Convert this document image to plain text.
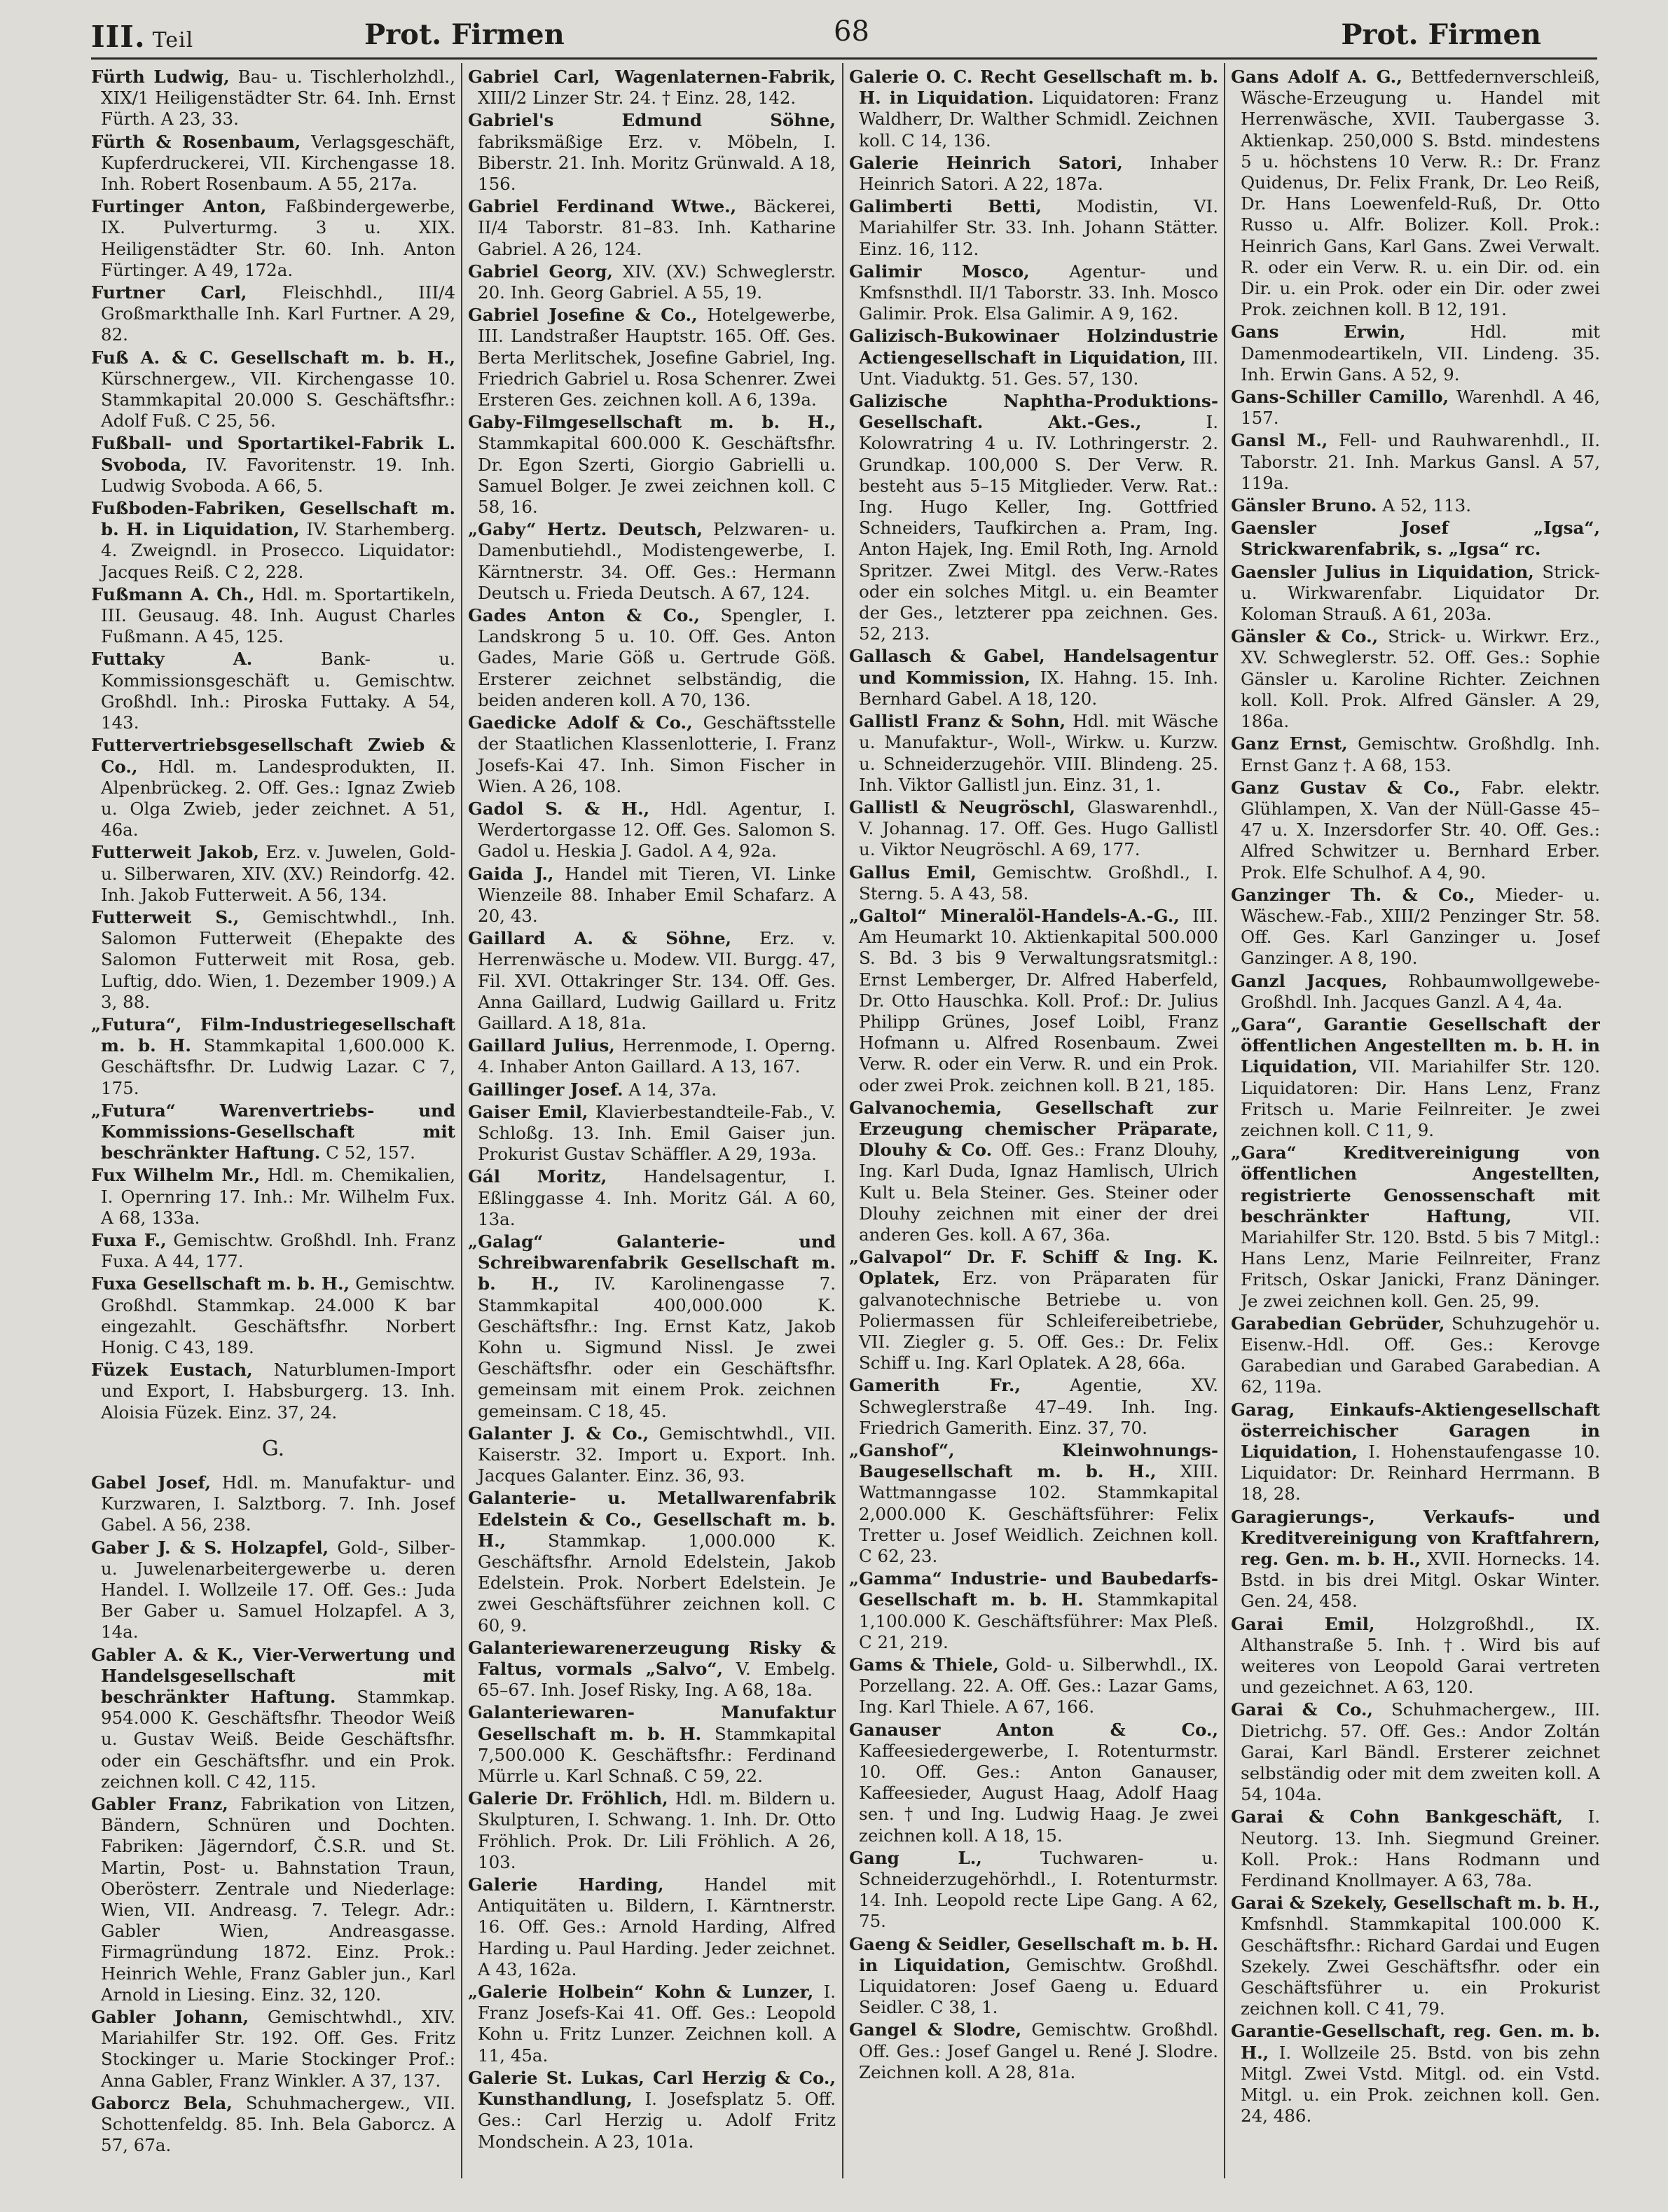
III. Teil	Prot. Firmen	68	Prot. Firmen
Fürth Ludwig, Bau- u. Tischlerholzhdl., XIX/1 Heiligenstädter Str. 64. Inh. Ernst Fürth. A 23, 33.
Fürth & Rosenbaum, Verlagsgeschäft, Kupferdruckerei, VII. Kirchengasse 18. Inh. Robert Rosenbaum. A 55, 217a.
Furtinger Anton, Faßbindergewerbe, IX. Pulverturmg. 3 u. XIX. Heiligenstädter Str. 60. Inh. Anton Fürtinger. A 49, 172a.
Furtner Carl, Fleischhdl., III/4 Großmarkthalle Inh. Karl Furtner. A 29, 82.
Fuß A. & C. Gesellschaft m. b. H., Kürschnergew., VII. Kirchengasse 10. Stammkapital 20.000 S. Geschäftsfhr.: Adolf Fuß. C 25, 56.
Fußball- und Sportartikel-Fabrik L. Svoboda, IV. Favoritenstr. 19. Inh. Ludwig Svoboda. A 66, 5.
Fußboden-Fabriken, Gesellschaft m. b. H. in Liquidation, IV. Starhemberg. 4. Zweigndl. in Prosecco. Liquidator: Jacques Reiß. C 2, 228.
Fußmann A. Ch., Hdl. m. Sportartikeln, III. Geusaug. 48. Inh. August Charles Fußmann. A 45, 125.
Futtaky A.	Bank- u. Kommissionsgeschäft u. Gemischtw. Großhdl. Inh.: Piroska Futtaky. A 54, 143.
Futtervertriebsgesellschaft Zwieb & Co., Hdl. m. Landesprodukten, II. Alpenbrückeg. 2. Off. Ges.: Ignaz Zwieb u. Olga Zwieb, jeder zeichnet. A 51, 46a.
Futterweit Jakob, Erz. v. Juwelen, Gold- u. Silberwaren, XIV. (XV.) Reindorfg. 42. Inh. Jakob Futterweit. A 56, 134.
Futterweit S., Gemischtwhdl., Inh. Salomon Futterweit (Ehepakte des Salomon Futterweit mit Rosa, geb. Luftig, ddo. Wien, 1. Dezember 1909.) A 3, 88.
„Futura“, Film-Industriegesellschaft m. b. H. Stammkapital 1,600.000 K. Geschäftsfhr. Dr. Ludwig Lazar. C 7, 175.
„Futura“ Warenvertriebs- und Kommissions-Gesellschaft mit beschränkter Haftung. C 52, 157.
Fux Wilhelm Mr., Hdl. m. Chemikalien, I. Opernring 17. Inh.: Mr. Wilhelm Fux. A 68, 133a.
Fuxa F., Gemischtw. Großhdl. Inh. Franz Fuxa. A 44, 177.
Fuxa Gesellschaft m. b. H., Gemischtw. Großhdl. Stammkap. 24.000 K bar eingezahlt. Geschäftsfhr. Norbert Honig. C 43, 189.
Füzek Eustach, Naturblumen-Import und Export, I. Habsburgerg. 13. Inh. Aloisia Füzek. Einz. 37, 24.
G.
Gabel Josef, Hdl. m. Manufaktur- und Kurzwaren, I. Salztborg. 7. Inh. Josef Gabel. A 56, 238.
Gaber J. & S. Holzapfel, Gold-, Silber- u. Juwelenarbeitergewerbe u. deren Handel. I. Wollzeile 17. Off. Ges.: Juda Ber Gaber u. Samuel Holzapfel. A 3, 14a.
Gabler A. & K., Vier-Verwertung und Handelsgesellschaft mit beschränkter Haftung. Stammkap. 954.000 K. Geschäftsfhr. Theodor Weiß u. Gustav Weiß. Beide Geschäftsfhr. oder ein Geschäftsfhr. und ein Prok. zeichnen koll. C 42, 115.
Gabler Franz, Fabrikation von Litzen, Bändern, Schnüren und Dochten. Fabriken: Jägerndorf, Č.S.R. und St. Martin, Post- u. Bahnstation Traun, Oberösterr. Zentrale und Niederlage: Wien, VII. Andreasg. 7. Telegr. Adr.: Gabler Wien, Andreasgasse. Firmagründung 1872. Einz. Prok.: Heinrich Wehle, Franz Gabler jun., Karl Arnold in Liesing. Einz. 32, 120.
Gabler Johann, Gemischtwhdl., XIV. Mariahilfer Str. 192. Off. Ges. Fritz Stockinger u. Marie Stockinger Prof.: Anna Gabler, Franz Winkler. A 37, 137.
Gaborcz Bela, Schuhmachergew., VII. Schottenfeldg. 85. Inh. Bela Gaborcz. A 57, 67a.
Gabriel Carl, Wagenlaternen-Fabrik, XIII/2 Linzer Str. 24. † Einz. 28, 142.
Gabriel's Edmund Söhne, fabriksmäßige Erz. v. Möbeln, I. Biberstr. 21. Inh. Moritz Grünwald. A 18, 156.
Gabriel Ferdinand Wtwe., Bäckerei, II/4 Taborstr. 81–83. Inh. Katharine Gabriel. A 26, 124.
Gabriel Georg, XIV. (XV.) Schweglerstr. 20. Inh. Georg Gabriel. A 55, 19.
Gabriel Josefine & Co., Hotelgewerbe, III. Landstraßer Hauptstr. 165. Off. Ges. Berta Merlitschek, Josefine Gabriel, Ing. Friedrich Gabriel u. Rosa Schenrer. Zwei Ersteren Ges. zeichnen koll. A 6, 139a.
Gaby-Filmgesellschaft m. b. H., Stammkapital 600.000 K. Geschäftsfhr. Dr. Egon Szerti, Giorgio Gabrielli u. Samuel Bolger. Je zwei zeichnen koll. C 58, 16.
„Gaby“ Hertz. Deutsch, Pelzwaren- u. Damenbutiehdl., Modistengewerbe, I. Kärntnerstr. 34. Off. Ges.: Hermann Deutsch u. Frieda Deutsch. A 67, 124.
Gades Anton & Co., Spengler, I. Landskrong 5 u. 10. Off. Ges. Anton Gades, Marie Göß u. Gertrude Göß. Ersterer zeichnet selbständig, die beiden anderen koll. A 70, 136.
Gaedicke Adolf & Co., Geschäftsstelle der Staatlichen Klassenlotterie, I. Franz Josefs-Kai 47. Inh. Simon Fischer in Wien. A 26, 108.
Gadol S. & H., Hdl. Agentur, I. Werdertorgasse 12. Off. Ges. Salomon S. Gadol u. Heskia J. Gadol. A 4, 92a.
Gaida J., Handel mit Tieren, VI. Linke Wienzeile 88. Inhaber Emil Schafarz. A 20, 43.
Gaillard A. & Söhne, Erz. v. Herrenwäsche u. Modew. VII. Burgg. 47, Fil. XVI. Ottakringer Str. 134. Off. Ges. Anna Gaillard, Ludwig Gaillard u. Fritz Gaillard. A 18, 81a.
Gaillard Julius, Herrenmode, I. Operng. 4. Inhaber Anton Gaillard. A 13, 167.
Gaillinger Josef. A 14, 37a.
Gaiser Emil, Klavierbestandteile-Fab., V. Schloßg. 13. Inh. Emil Gaiser jun. Prokurist Gustav Schäffler. A 29, 193a.
Gál Moritz, Handelsagentur, I. Eßlinggasse 4. Inh. Moritz Gál. A 60, 13a.
„Galag“ Galanterie- und Schreibwarenfabrik Gesellschaft m. b. H., IV. Karolinengasse 7. Stammkapital 400,000.000 K. Geschäftsfhr.: Ing. Ernst Katz, Jakob Kohn u. Sigmund Nissl. Je zwei Geschäftsfhr. oder ein Geschäftsfhr. gemeinsam mit einem Prok. zeichnen gemeinsam. C 18, 45.
Galanter J. & Co., Gemischtwhdl., VII. Kaiserstr. 32. Import u. Export. Inh. Jacques Galanter. Einz. 36, 93.
Galanterie- u. Metallwarenfabrik Edelstein & Co., Gesellschaft m. b. H., Stammkap. 1,000.000 K. Geschäftsfhr. Arnold Edelstein, Jakob Edelstein. Prok. Norbert Edelstein. Je zwei Geschäftsführer zeichnen koll. C 60, 9.
Galanteriewarenerzeugung Risky & Faltus, vormals „Salvo“, V. Embelg. 65–67. Inh. Josef Risky, Ing. A 68, 18a.
Galanteriewaren- Manufaktur Gesellschaft m. b. H. Stammkapital 7,500.000 K. Geschäftsfhr.: Ferdinand Mürrle u. Karl Schnaß. C 59, 22.
Galerie Dr. Fröhlich, Hdl. m. Bildern u. Skulpturen, I. Schwang. 1. Inh. Dr. Otto Fröhlich. Prok. Dr. Lili Fröhlich. A 26, 103.
Galerie Harding, Handel mit Antiquitäten u. Bildern, I. Kärntnerstr. 16. Off. Ges.: Arnold Harding, Alfred Harding u. Paul Harding. Jeder zeichnet. A 43, 162a.
„Galerie Holbein“ Kohn & Lunzer, I. Franz Josefs-Kai 41. Off. Ges.: Leopold Kohn u. Fritz Lunzer. Zeichnen koll. A 11, 45a.
Galerie St. Lukas, Carl Herzig & Co., Kunsthandlung, I. Josefsplatz 5. Off. Ges.: Carl Herzig u. Adolf Fritz Mondschein. A 23, 101a.
Galerie O. C. Recht Gesellschaft m. b. H. in Liquidation. Liquidatoren: Franz Waldherr, Dr. Walther Schmidl. Zeichnen koll. C 14, 136.
Galerie Heinrich Satori, Inhaber Heinrich Satori. A 22, 187a.
Galimberti Betti, Modistin, VI. Mariahilfer Str. 33. Inh. Johann Stätter. Einz. 16, 112.
Galimir Mosco, Agentur- und Kmfsnsthdl. II/1 Taborstr. 33. Inh. Mosco Galimir. Prok. Elsa Galimir. A 9, 162.
Galizisch-Bukowinaer Holzindustrie Actiengesellschaft in Liquidation, III. Unt. Viaduktg. 51. Ges. 57, 130.
Galizische Naphtha-Produktions-Gesellschaft. Akt.-Ges.,	I. Kolowratring 4 u. IV. Lothringerstr. 2. Grundkap. 100,000 S. Der Verw. R. besteht aus 5–15 Mitglieder. Verw. Rat.: Ing. Hugo Keller, Ing. Gottfried Schneiders, Taufkirchen a. Pram, Ing. Anton Hajek, Ing. Emil Roth, Ing. Arnold Spritzer. Zwei Mitgl. des Verw.-Rates oder ein solches Mitgl. u. ein Beamter der Ges., letzterer ppa zeichnen. Ges. 52, 213.
Gallasch & Gabel, Handelsagentur und Kommission, IX. Hahng. 15. Inh. Bernhard Gabel. A 18, 120.
Gallistl Franz & Sohn, Hdl. mit Wäsche u. Manufaktur-, Woll-, Wirkw. u. Kurzw. u. Schneiderzugehör. VIII. Blindeng. 25. Inh. Viktor Gallistl jun. Einz. 31, 1.
Gallistl & Neugröschl, Glaswarenhdl., V. Johannag. 17. Off. Ges. Hugo Gallistl u. Viktor Neugröschl. A 69, 177.
Gallus Emil, Gemischtw. Großhdl., I. Sterng. 5. A 43, 58.
„Galtol“ Mineralöl-Handels-A.-G., III. Am Heumarkt 10. Aktienkapital 500.000 S. Bd. 3 bis 9 Verwaltungsratsmitgl.: Ernst Lemberger, Dr. Alfred Haberfeld, Dr. Otto Hauschka. Koll. Prof.: Dr. Julius Philipp Grünes, Josef Loibl, Franz Hofmann u. Alfred Rosenbaum. Zwei Verw. R. oder ein Verw. R. und ein Prok. oder zwei Prok. zeichnen koll. B 21, 185.
Galvanochemia, Gesellschaft zur Erzeugung chemischer Präparate, Dlouhy & Co. Off. Ges.: Franz Dlouhy, Ing. Karl Duda, Ignaz Hamlisch, Ulrich Kult u. Bela Steiner. Ges. Steiner oder Dlouhy zeichnen mit einer der drei anderen Ges. koll. A 67, 36a.
„Galvapol“ Dr. F. Schiff & Ing. K. Oplatek, Erz. von Präparaten für galvanotechnische Betriebe u. von Poliermassen für Schleifereibetriebe, VII. Ziegler g. 5. Off. Ges.: Dr. Felix Schiff u. Ing. Karl Oplatek. A 28, 66a.
Gamerith Fr.,	Agentie, XV. Schweglerstraße 47–49. Inh. Ing. Friedrich Gamerith. Einz. 37, 70.
„Ganshof“, Kleinwohnungs-Baugesellschaft m. b. H., XIII. Wattmanngasse 102. Stammkapital 2,000.000 K. Geschäftsführer: Felix Tretter u. Josef Weidlich. Zeichnen koll. C 62, 23.
„Gamma“ Industrie- und Baubedarfs-Gesellschaft m. b. H. Stammkapital 1,100.000 K. Geschäftsführer: Max Pleß. C 21, 219.
Gams & Thiele, Gold- u. Silberwhdl., IX. Porzellang. 22. A. Off. Ges.: Lazar Gams, Ing. Karl Thiele. A 67, 166.
Ganauser Anton & Co., Kaffeesiedergewerbe, I. Rotenturmstr. 10. Off. Ges.: Anton Ganauser, Kaffeesieder, August Haag, Adolf Haag sen. † und Ing. Ludwig Haag. Je zwei zeichnen koll. A 18, 15.
Gang L.,	Tuchwaren- u. Schneiderzugehörhdl., I. Rotenturmstr. 14. Inh. Leopold recte Lipe Gang. A 62, 75.
Gaeng & Seidler, Gesellschaft m. b. H. in Liquidation, Gemischtw. Großhdl. Liquidatoren: Josef Gaeng u. Eduard Seidler. C 38, 1.
Gangel & Slodre, Gemischtw. Großhdl. Off. Ges.: Josef Gangel u. René J. Slodre. Zeichnen koll. A 28, 81a.
Gans Adolf A. G., Bettfedernverschleiß, Wäsche-Erzeugung u. Handel mit Herrenwäsche, XVII. Taubergasse 3. Aktienkap. 250,000 S. Bstd. mindestens 5 u. höchstens 10 Verw. R.: Dr. Franz Quidenus, Dr. Felix Frank, Dr. Leo Reiß, Dr. Hans Loewenfeld-Ruß, Dr. Otto Russo u. Alfr. Bolizer. Koll. Prok.: Heinrich Gans, Karl Gans. Zwei Verwalt. R. oder ein Verw. R. u. ein Dir. od. ein Dir. u. ein Prok. oder ein Dir. oder zwei Prok. zeichnen koll. B 12, 191.
Gans Erwin,	Hdl. mit Damenmodeartikeln, VII. Lindeng. 35. Inh. Erwin Gans. A 52, 9.
Gans-Schiller Camillo, Warenhdl. A 46, 157.
Gansl M., Fell- und Rauhwarenhdl., II. Taborstr. 21. Inh. Markus Gansl. A 57, 119a.
Gänsler Bruno. A 52, 113.
Gaensler Josef „Igsa“, Strickwarenfabrik, s. „Igsa“ rc.
Gaensler Julius in Liquidation, Strick- u. Wirkwarenfabr. Liquidator Dr. Koloman Strauß. A 61, 203a.
Gänsler & Co., Strick- u. Wirkwr. Erz., XV. Schweglerstr. 52. Off. Ges.: Sophie Gänsler u. Karoline Richter. Zeichnen koll. Koll. Prok. Alfred Gänsler. A 29, 186a.
Ganz Ernst, Gemischtw. Großhdlg. Inh. Ernst Ganz †. A 68, 153.
Ganz Gustav & Co., Fabr. elektr. Glühlampen, X. Van der Nüll-Gasse 45–47 u. X. Inzersdorfer Str. 40. Off. Ges.: Alfred Schwitzer u. Bernhard Erber. Prok. Elfe Schulhof. A 4, 90.
Ganzinger Th. & Co., Mieder- u. Wäschew.-Fab., XIII/2 Penzinger Str. 58. Off. Ges. Karl Ganzinger u. Josef Ganzinger. A 8, 190.
Ganzl Jacques, Rohbaumwollgewebe-Großhdl. Inh. Jacques Ganzl. A 4, 4a.
„Gara“, Garantie Gesellschaft der öffentlichen Angestellten m. b. H. in Liquidation, VII. Mariahilfer Str. 120. Liquidatoren: Dir. Hans Lenz, Franz Fritsch u. Marie Feilnreiter. Je zwei zeichnen koll. C 11, 9.
„Gara“ Kreditvereinigung von öffentlichen Angestellten, registrierte Genossenschaft mit beschränkter Haftung,	VII. Mariahilfer Str. 120. Bstd. 5 bis 7 Mitgl.: Hans Lenz, Marie Feilnreiter, Franz Fritsch, Oskar Janicki, Franz Däninger. Je zwei zeichnen koll. Gen. 25, 99.
Garabedian Gebrüder, Schuhzugehör u. Eisenw.-Hdl. Off. Ges.: Kerovge Garabedian und Garabed Garabedian. A 62, 119a.
Garag, Einkaufs-Aktiengesellschaft österreichischer Garagen in Liquidation, I. Hohenstaufengasse 10. Liquidator: Dr. Reinhard Herrmann. B 18, 28.
Garagierungs-, Verkaufs- und Kreditvereinigung von Kraftfahrern, reg. Gen. m. b. H., XVII. Hornecks. 14. Bstd. in bis drei Mitgl. Oskar Winter. Gen. 24, 458.
Garai Emil, Holzgroßhdl., IX. Althanstraße 5. Inh. †. Wird bis auf weiteres von Leopold Garai vertreten und gezeichnet. A 63, 120.
Garai & Co., Schuhmachergew., III. Dietrichg. 57. Off. Ges.: Andor Zoltán Garai, Karl Bändl. Ersterer zeichnet selbständig oder mit dem zweiten koll. A 54, 104a.
Garai & Cohn Bankgeschäft, I. Neutorg. 13. Inh. Siegmund Greiner. Koll. Prok.: Hans Rodmann und Ferdinand Knollmayer. A 63, 78a.
Garai & Szekely, Gesellschaft m. b. H., Kmfsnhdl. Stammkapital 100.000 K. Geschäftsfhr.: Richard Gardai und Eugen Szekely. Zwei Geschäftsfhr. oder ein Geschäftsführer u. ein Prokurist zeichnen koll. C 41, 79.
Garantie-Gesellschaft, reg. Gen. m. b. H., I. Wollzeile 25. Bstd. von bis zehn Mitgl. Zwei Vstd. Mitgl. od. ein Vstd. Mitgl. u. ein Prok. zeichnen koll. Gen. 24, 486.
